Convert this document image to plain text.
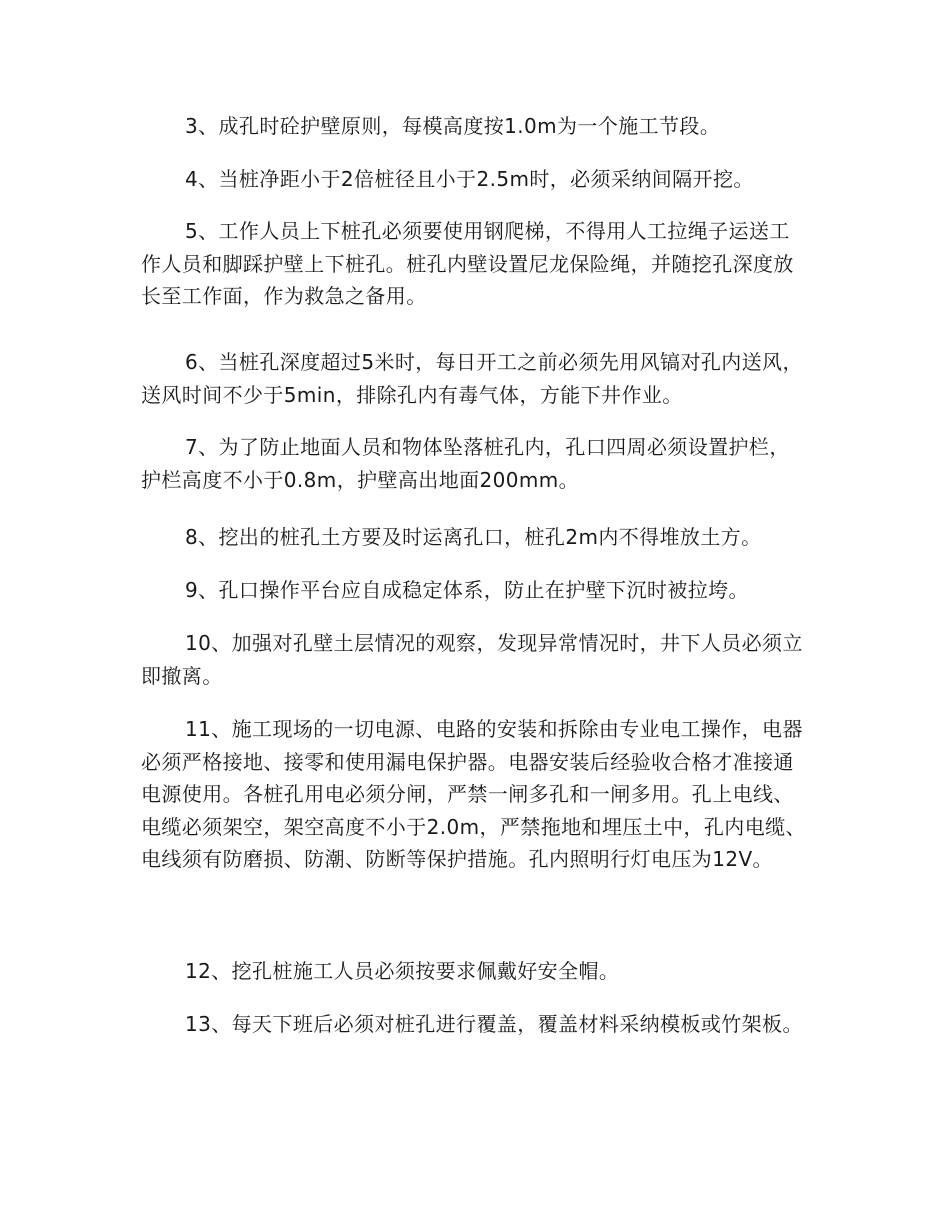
3、成孔时砼护壁原则，每模高度按1.0m为一个施工节段。

4、当桩净距小于2倍桩径且小于2.5m时，必须采纳间隔开挖。

5、工作人员上下桩孔必须要使用钢爬梯，不得用人工拉绳子运送工作人员和脚踩护壁上下桩孔。桩孔内壁设置尼龙保险绳，并随挖孔深度放长至工作面，作为救急之备用。

6、当桩孔深度超过5米时，每日开工之前必须先用风镐对孔内送风，送风时间不少于5min，排除孔内有毒气体，方能下井作业。

7、为了防止地面人员和物体坠落桩孔内，孔口四周必须设置护栏，护栏高度不小于0.8m，护壁高出地面200mm。

8、挖出的桩孔土方要及时运离孔口，桩孔2m内不得堆放土方。

9、孔口操作平台应自成稳定体系，防止在护壁下沉时被拉垮。

10、加强对孔壁土层情况的观察，发现异常情况时，井下人员必须立即撤离。

11、施工现场的一切电源、电路的安装和拆除由专业电工操作，电器必须严格接地、接零和使用漏电保护器。电器安装后经验收合格才准接通电源使用。各桩孔用电必须分闸，严禁一闸多孔和一闸多用。孔上电线、电缆必须架空，架空高度不小于2.0m，严禁拖地和埋压土中，孔内电缆、电线须有防磨损、防潮、防断等保护措施。孔内照明行灯电压为12V。

12、挖孔桩施工人员必须按要求佩戴好安全帽。

13、每天下班后必须对桩孔进行覆盖，覆盖材料采纳模板或竹架板。
